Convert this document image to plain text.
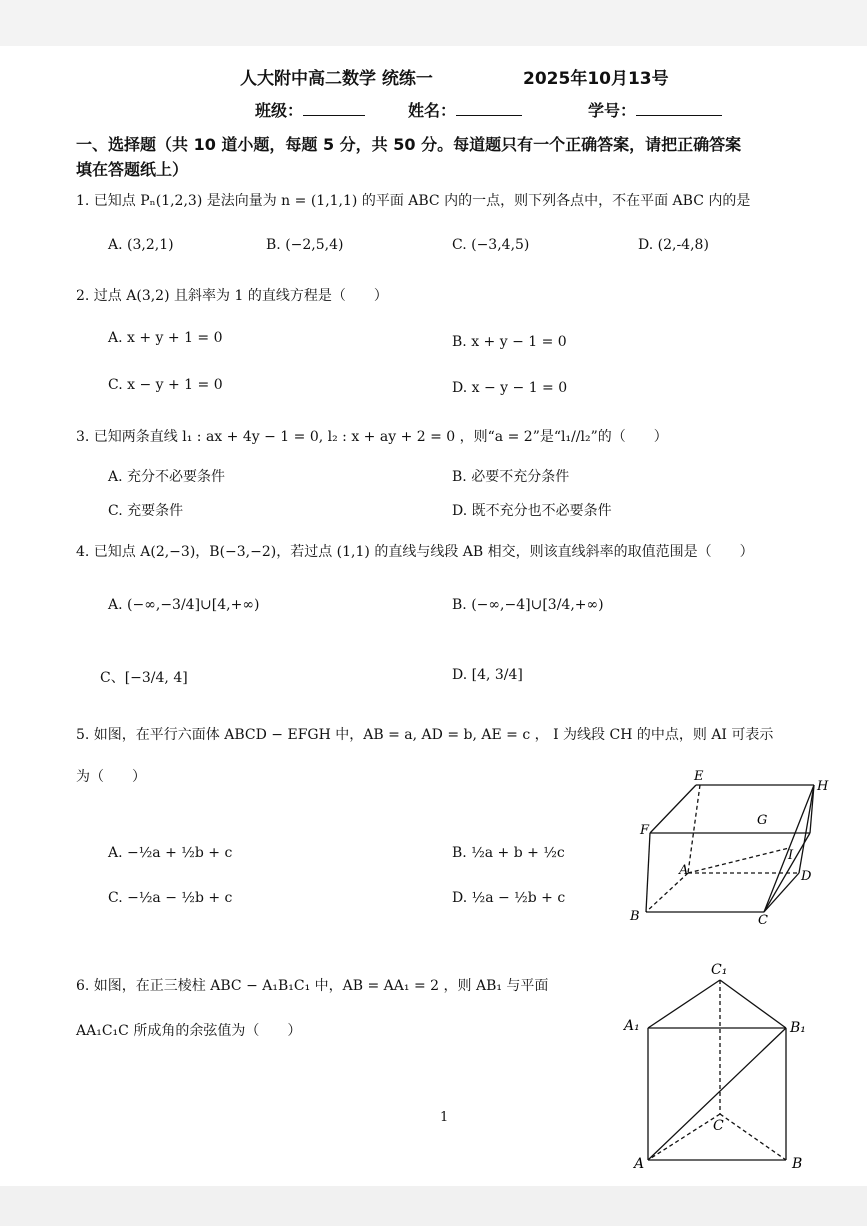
人大附中高二数学 统练一	2025年10月13号
班级：	姓名：	学号：
一、选择题（共 10 道小题，每题 5 分，共 50 分。每道题只有一个正确答案，请把正确答案
填在答题纸上）
1. 已知点 Pₙ(1,2,3) 是法向量为 n = (1,1,1) 的平面 ABC 内的一点，则下列各点中，不在平面 ABC 内的是
A. (3,2,1)	B. (−2,5,4)	C. (−3,4,5)	D. (2,‑4,8)
2. 过点 A(3,2) 且斜率为 1 的直线方程是（　　）
A. x + y + 1 = 0	B. x + y − 1 = 0
C. x − y + 1 = 0	D. x − y − 1 = 0
3. 已知两条直线 l₁ : ax + 4y − 1 = 0, l₂ : x + ay + 2 = 0 ，则“a = 2”是“l₁//l₂”的（　　）
A. 充分不必要条件	B. 必要不充分条件
C. 充要条件	D. 既不充分也不必要条件
4. 已知点 A(2,−3)，B(−3,−2)，若过点 (1,1) 的直线与线段 AB 相交，则该直线斜率的取值范围是（　　）
A. (−∞,−3/4]∪[4,+∞)	B. (−∞,−4]∪[3/4,+∞)
C、[−3/4, 4]	D. [4, 3/4]
5. 如图，在平行六面体 ABCD − EFGH 中，AB = a, AD = b, AE = c ， I 为线段 CH 的中点，则 AI 可表示
为（　　）
A. −½a + ½b + c	B. ½a + b + ½c
C. −½a − ½b + c	D. ½a − ½b + c
E
H
F
G
A
I
D
B	C
6. 如图，在正三棱柱 ABC − A₁B₁C₁ 中，AB = AA₁ = 2 ，则 AB₁ 与平面
AA₁C₁C 所成角的余弦值为（　　）
C₁
A₁	B₁
C
A	B
1
